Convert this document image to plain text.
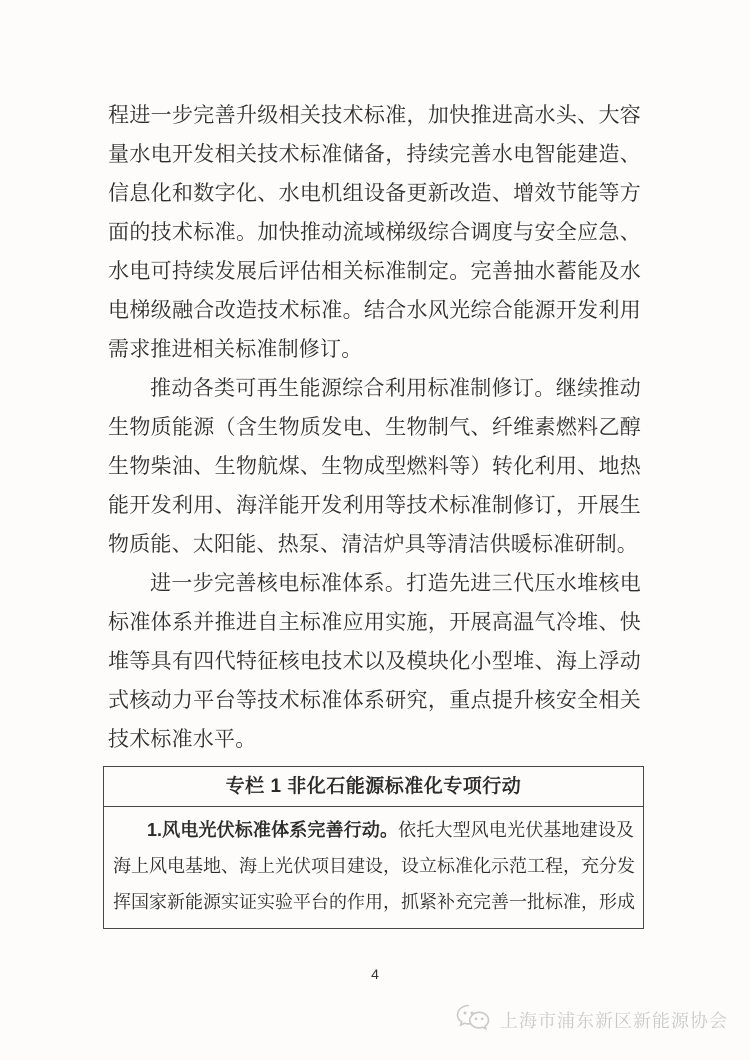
程进一步完善升级相关技术标准，加快推进高水头、大容
量水电开发相关技术标准储备，持续完善水电智能建造、
信息化和数字化、水电机组设备更新改造、增效节能等方
面的技术标准。加快推动流域梯级综合调度与安全应急、
水电可持续发展后评估相关标准制定。完善抽水蓄能及水
电梯级融合改造技术标准。结合水风光综合能源开发利用
需求推进相关标准制修订。
推动各类可再生能源综合利用标准制修订。继续推动
生物质能源（含生物质发电、生物制气、纤维素燃料乙醇
生物柴油、生物航煤、生物成型燃料等）转化利用、地热
能开发利用、海洋能开发利用等技术标准制修订，开展生
物质能、太阳能、热泵、清洁炉具等清洁供暖标准研制。
进一步完善核电标准体系。打造先进三代压水堆核电
标准体系并推进自主标准应用实施，开展高温气冷堆、快
堆等具有四代特征核电技术以及模块化小型堆、海上浮动
式核动力平台等技术标准体系研究，重点提升核安全相关
技术标准水平。
专栏 1 非化石能源标准化专项行动
1.风电光伏标准体系完善行动。依托大型风电光伏基地建设及
海上风电基地、海上光伏项目建设，设立标准化示范工程，充分发
挥国家新能源实证实验平台的作用，抓紧补充完善一批标准，形成
4
上海市浦东新区新能源协会
